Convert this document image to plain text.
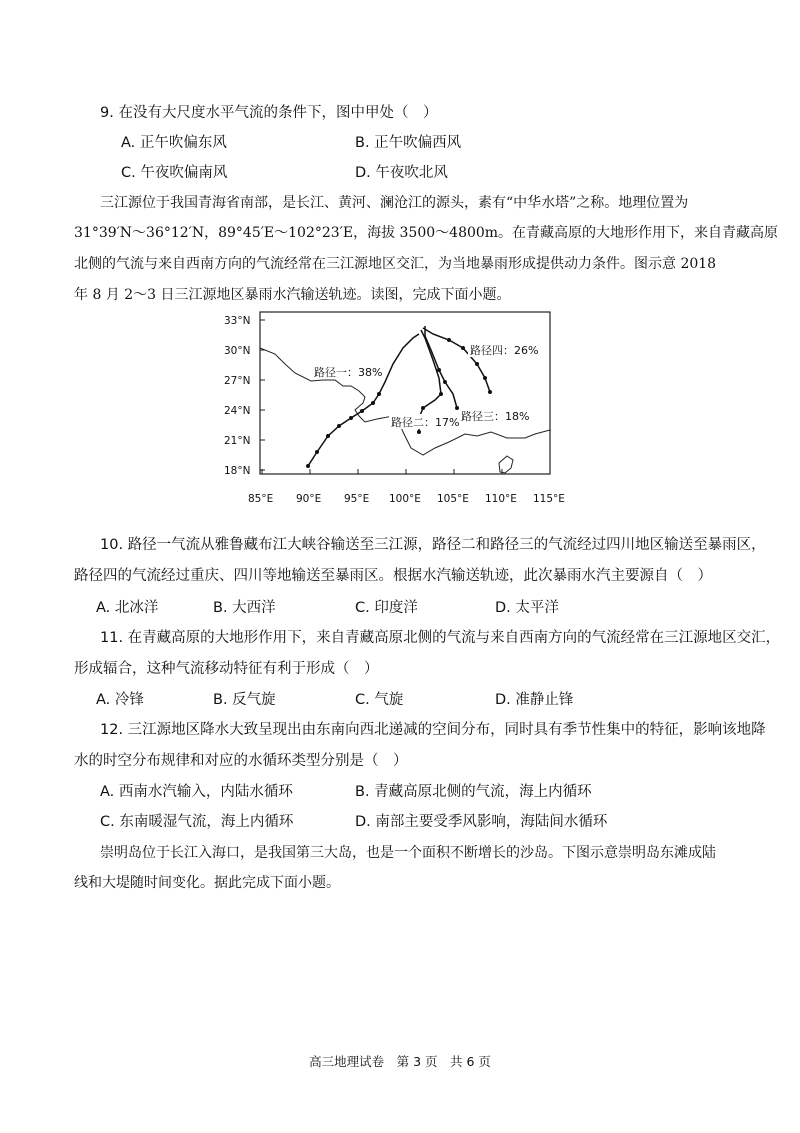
9. 在没有大尺度水平气流的条件下，图中甲处（　）
A. 正午吹偏东风	B. 正午吹偏西风
C. 午夜吹偏南风	D. 午夜吹北风
三江源位于我国青海省南部，是长江、黄河、澜沧江的源头，素有“中华水塔”之称。地理位置为
31°39′N～36°12′N，89°45′E～102°23′E，海拔 3500～4800m。在青藏高原的大地形作用下，来自青藏高原
北侧的气流与来自西南方向的气流经常在三江源地区交汇，为当地暴雨形成提供动力条件。图示意 2018
年 8 月 2～3 日三江源地区暴雨水汽输送轨迹。读图，完成下面小题。
33°N
30°N
27°N
24°N
21°N
18°N
85°E 90°E 95°E 100°E 105°E 110°E 115°E
路径一：38%
路径四：26%
路径二：17% 路径三：18%
10. 路径一气流从雅鲁藏布江大峡谷输送至三江源，路径二和路径三的气流经过四川地区输送至暴雨区，
路径四的气流经过重庆、四川等地输送至暴雨区。根据水汽输送轨迹，此次暴雨水汽主要源自（　）
A. 北冰洋	B. 大西洋	C. 印度洋	D. 太平洋
11. 在青藏高原的大地形作用下，来自青藏高原北侧的气流与来自西南方向的气流经常在三江源地区交汇，
形成辐合，这种气流移动特征有利于形成（　）
A. 冷锋	B. 反气旋	C. 气旋	D. 准静止锋
12. 三江源地区降水大致呈现出由东南向西北递减的空间分布，同时具有季节性集中的特征，影响该地降
水的时空分布规律和对应的水循环类型分别是（　）
A. 西南水汽输入，内陆水循环	B. 青藏高原北侧的气流，海上内循环
C. 东南暖湿气流，海上内循环	D. 南部主要受季风影响，海陆间水循环
崇明岛位于长江入海口，是我国第三大岛，也是一个面积不断增长的沙岛。下图示意崇明岛东滩成陆
线和大堤随时间变化。据此完成下面小题。
高三地理试卷　第 3 页　共 6 页
